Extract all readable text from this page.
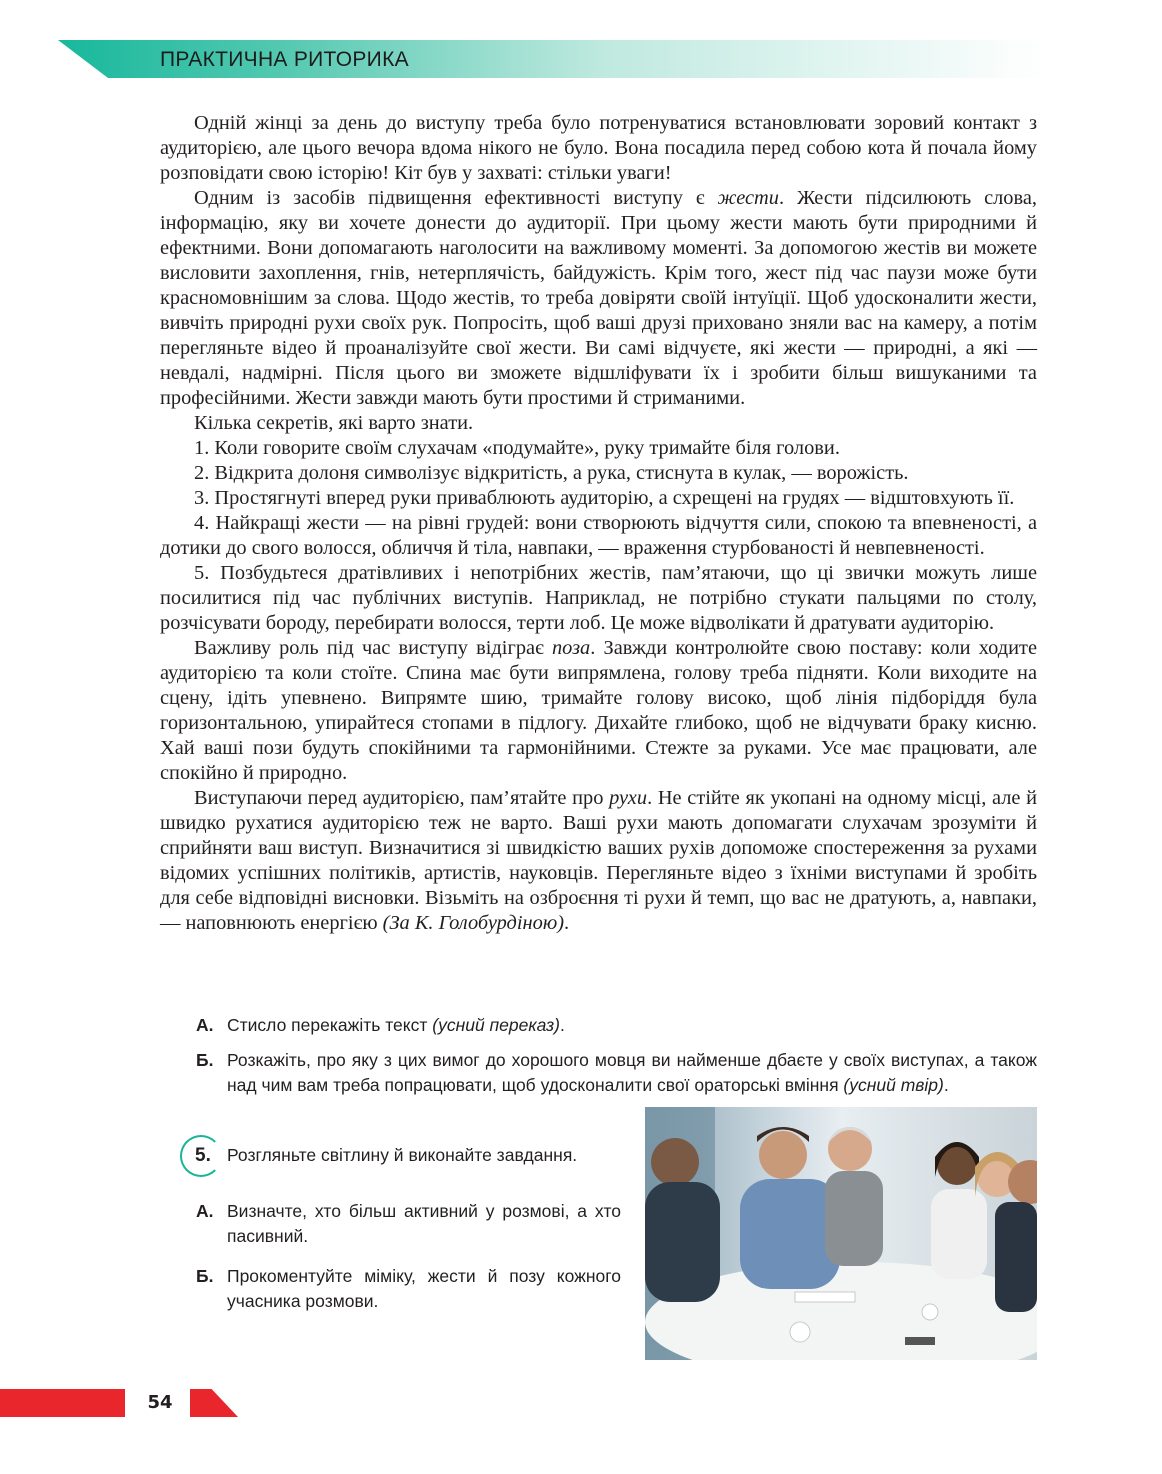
ПРАКТИЧНА РИТОРИКА

Одній жінці за день до виступу треба було потренуватися встановлювати зоровий контакт з аудиторією, але цього вечора вдома нікого не було. Вона посадила перед собою кота й почала йому розповідати свою історію! Кіт був у захваті: стільки уваги!

Одним із засобів підвищення ефективності виступу є жести. Жести підсилюють слова, інформацію, яку ви хочете донести до аудиторії. При цьому жести мають бути природними й ефектними. Вони допомагають наголосити на важливому моменті. За допомогою жестів ви можете висловити захоплення, гнів, нетерплячість, байдужість. Крім того, жест під час паузи може бути красномовнішим за слова. Щодо жестів, то треба довіряти своїй інтуїції. Щоб удосконалити жести, вивчіть природні рухи своїх рук. Попросіть, щоб ваші друзі приховано зняли вас на камеру, а потім перегляньте відео й проаналізуйте свої жести. Ви самі відчуєте, які жести — природні, а які — невдалі, надмірні. Після цього ви зможете відшліфувати їх і зробити більш вишуканими та професійними. Жести завжди мають бути простими й стриманими.

Кілька секретів, які варто знати.

1. Коли говорите своїм слухачам «подумайте», руку тримайте біля голови.

2. Відкрита долоня символізує відкритість, а рука, стиснута в кулак, — ворожість.

3. Простягнуті вперед руки приваблюють аудиторію, а схрещені на грудях — відштовхують її.

4. Найкращі жести — на рівні грудей: вони створюють відчуття сили, спокою та впевненості, а дотики до свого волосся, обличчя й тіла, навпаки, — враження стурбованості й невпевненості.

5. Позбудьтеся дратівливих і непотрібних жестів, пам’ятаючи, що ці звички можуть лише посилитися під час публічних виступів. Наприклад, не потрібно стукати пальцями по столу, розчісувати бороду, перебирати волосся, терти лоб. Це може відволікати й дратувати аудиторію.

Важливу роль під час виступу відіграє поза. Завжди контролюйте свою поставу: коли ходите аудиторією та коли стоїте. Спина має бути випрямлена, голову треба підняти. Коли виходите на сцену, ідіть упевнено. Випрямте шию, тримайте голову високо, щоб лінія підборіддя була горизонтальною, упирайтеся стопами в підлогу. Дихайте глибоко, щоб не відчувати браку кисню. Хай ваші пози будуть спокійними та гармонійними. Стежте за руками. Усе має працювати, але спокійно й природно.

Виступаючи перед аудиторією, пам’ятайте про рухи. Не стійте як укопані на одному місці, але й швидко рухатися аудиторією теж не варто. Ваші рухи мають допомагати слухачам зрозуміти й сприйняти ваш виступ. Визначитися зі швидкістю ваших рухів допоможе спостереження за рухами відомих успішних політиків, артистів, науковців. Перегляньте відео з їхніми виступами й зробіть для себе відповідні висновки. Візьміть на озброєння ті рухи й темп, що вас не дратують, а, навпаки, — наповнюють енергією (За К. Голобурдіною).

А. Стисло перекажіть текст (усний переказ).
Б. Розкажіть, про яку з цих вимог до хорошого мовця ви найменше дбаєте у своїх виступах, а також над чим вам треба попрацювати, щоб удосконалити свої ораторські вміння (усний твір).
5. Розгляньте світлину й виконайте завдання.
А. Визначте, хто більш активний у розмові, а хто пасивний.
Б. Прокоментуйте міміку, жести й позу кожного учасника розмови.
54
